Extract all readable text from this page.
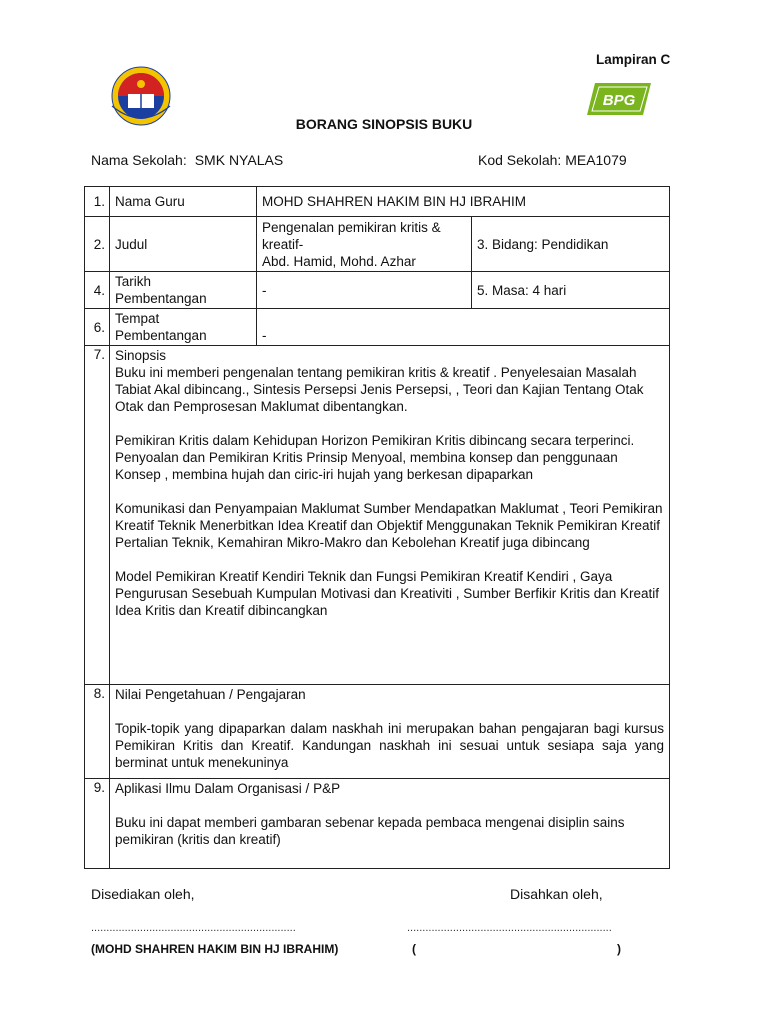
Lampiran C
BPG
BORANG SINOPSIS BUKU
Nama Sekolah: SMK NYALAS	Kod Sekolah: MEA1079
1.	Nama Guru	MOHD SHAHREN HAKIM BIN HJ IBRAHIM	
2.	Judul	Pengenalan pemikiran kritis &
kreatif-
Abd. Hamid, Mohd. Azhar	3. Bidang: Pendidikan
4.	Tarikh
Pembentangan	-	5. Masa: 4 hari
6.	Tempat
Pembentangan	-	
7.	Sinopsis
Buku ini memberi pengenalan tentang pemikiran kritis & kreatif . Penyelesaian Masalah Tabiat Akal dibincang., Sintesis Persepsi Jenis Persepsi, , Teori dan Kajian Tentang Otak Otak dan Pemprosesan Maklumat dibentangkan.
Pemikiran Kritis dalam Kehidupan Horizon Pemikiran Kritis dibincang secara terperinci. Penyoalan dan Pemikiran Kritis Prinsip Menyoal, membina konsep dan penggunaan Konsep , membina hujah dan ciric-iri hujah yang berkesan dipaparkan
Komunikasi dan Penyampaian Maklumat Sumber Mendapatkan Maklumat , Teori Pemikiran Kreatif Teknik Menerbitkan Idea Kreatif dan Objektif Menggunakan Teknik Pemikiran Kreatif Pertalian Teknik, Kemahiran Mikro-Makro dan Kebolehan Kreatif juga dibincang
Model Pemikiran Kreatif Kendiri Teknik dan Fungsi Pemikiran Kreatif Kendiri , Gaya Pengurusan Sesebuah Kumpulan Motivasi dan Kreativiti , Sumber Berfikir Kritis dan Kreatif Idea Kritis dan Kreatif dibincangkan		

8.	Nilai Pengetahuan / Pengajaran
Topik-topik yang dipaparkan dalam naskhah ini merupakan bahan pengajaran bagi kursus Pemikiran Kritis dan Kreatif. Kandungan naskhah ini sesuai untuk sesiapa saja yang berminat untuk menekuninya		

9.	Aplikasi Ilmu Dalam Organisasi / P&P
Buku ini dapat memberi gambaran sebenar kepada pembaca mengenai disiplin sains pemikiran (kritis dan kreatif)		
Disediakan oleh,	Disahkan oleh,
...................................................................	...................................................................
(MOHD SHAHREN HAKIM BIN HJ IBRAHIM)	(	)
